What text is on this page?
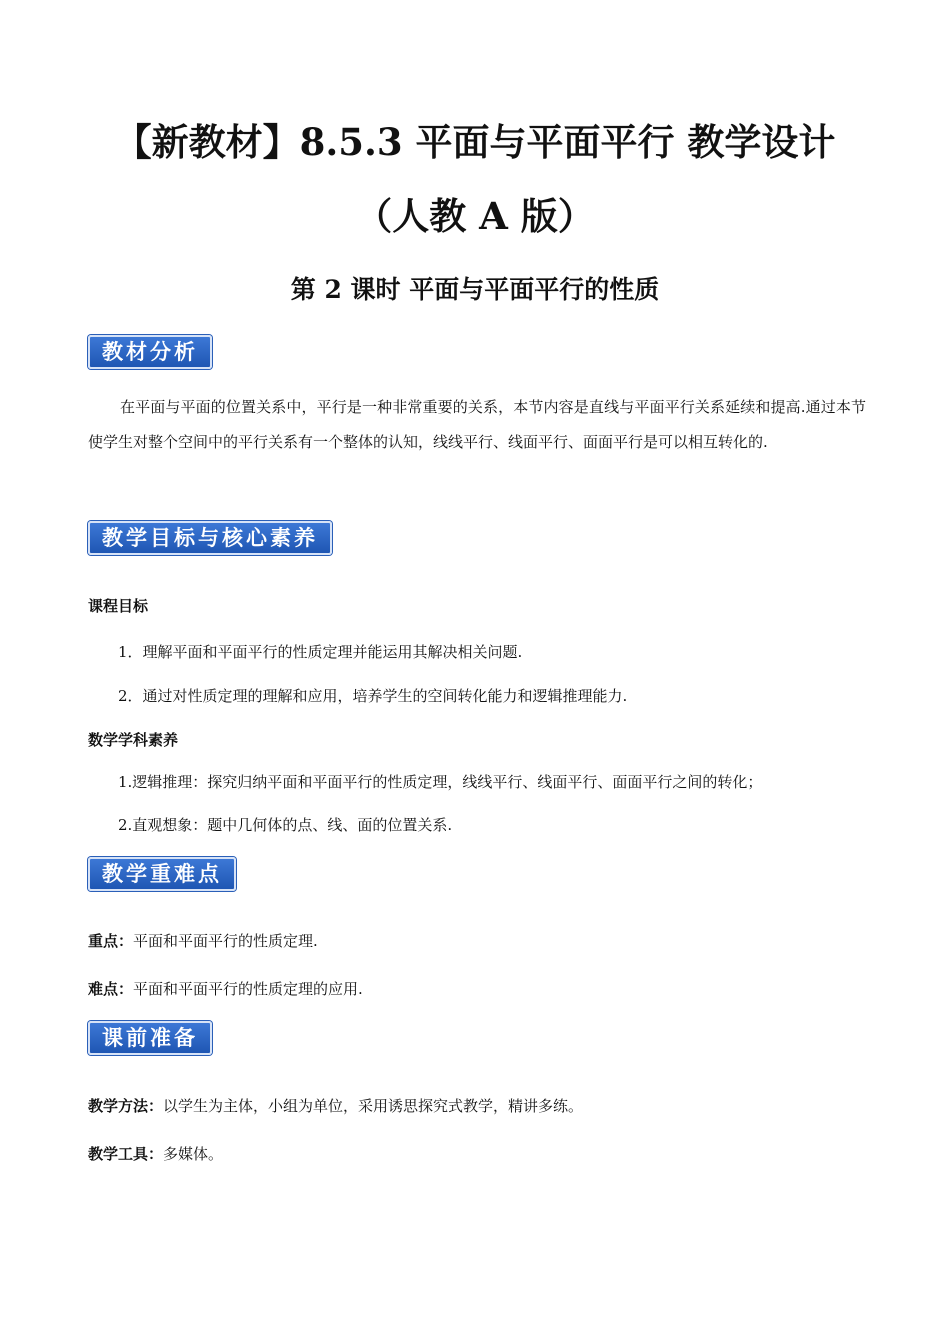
【新教材】8.5.3 平面与平面平行 教学设计
（人教 A 版）
第 2 课时 平面与平面平行的性质
教材分析
在平面与平面的位置关系中，平行是一种非常重要的关系，本节内容是直线与平面平行关系延续和提高.通过本节使学生对整个空间中的平行关系有一个整体的认知，线线平行、线面平行、面面平行是可以相互转化的.
教学目标与核心素养
课程目标
1．理解平面和平面平行的性质定理并能运用其解决相关问题.
2．通过对性质定理的理解和应用，培养学生的空间转化能力和逻辑推理能力.
数学学科素养
1.逻辑推理：探究归纳平面和平面平行的性质定理，线线平行、线面平行、面面平行之间的转化；
2.直观想象：题中几何体的点、线、面的位置关系.
教学重难点
重点：平面和平面平行的性质定理.
难点：平面和平面平行的性质定理的应用.
课前准备
教学方法：以学生为主体，小组为单位，采用诱思探究式教学，精讲多练。
教学工具：多媒体。
